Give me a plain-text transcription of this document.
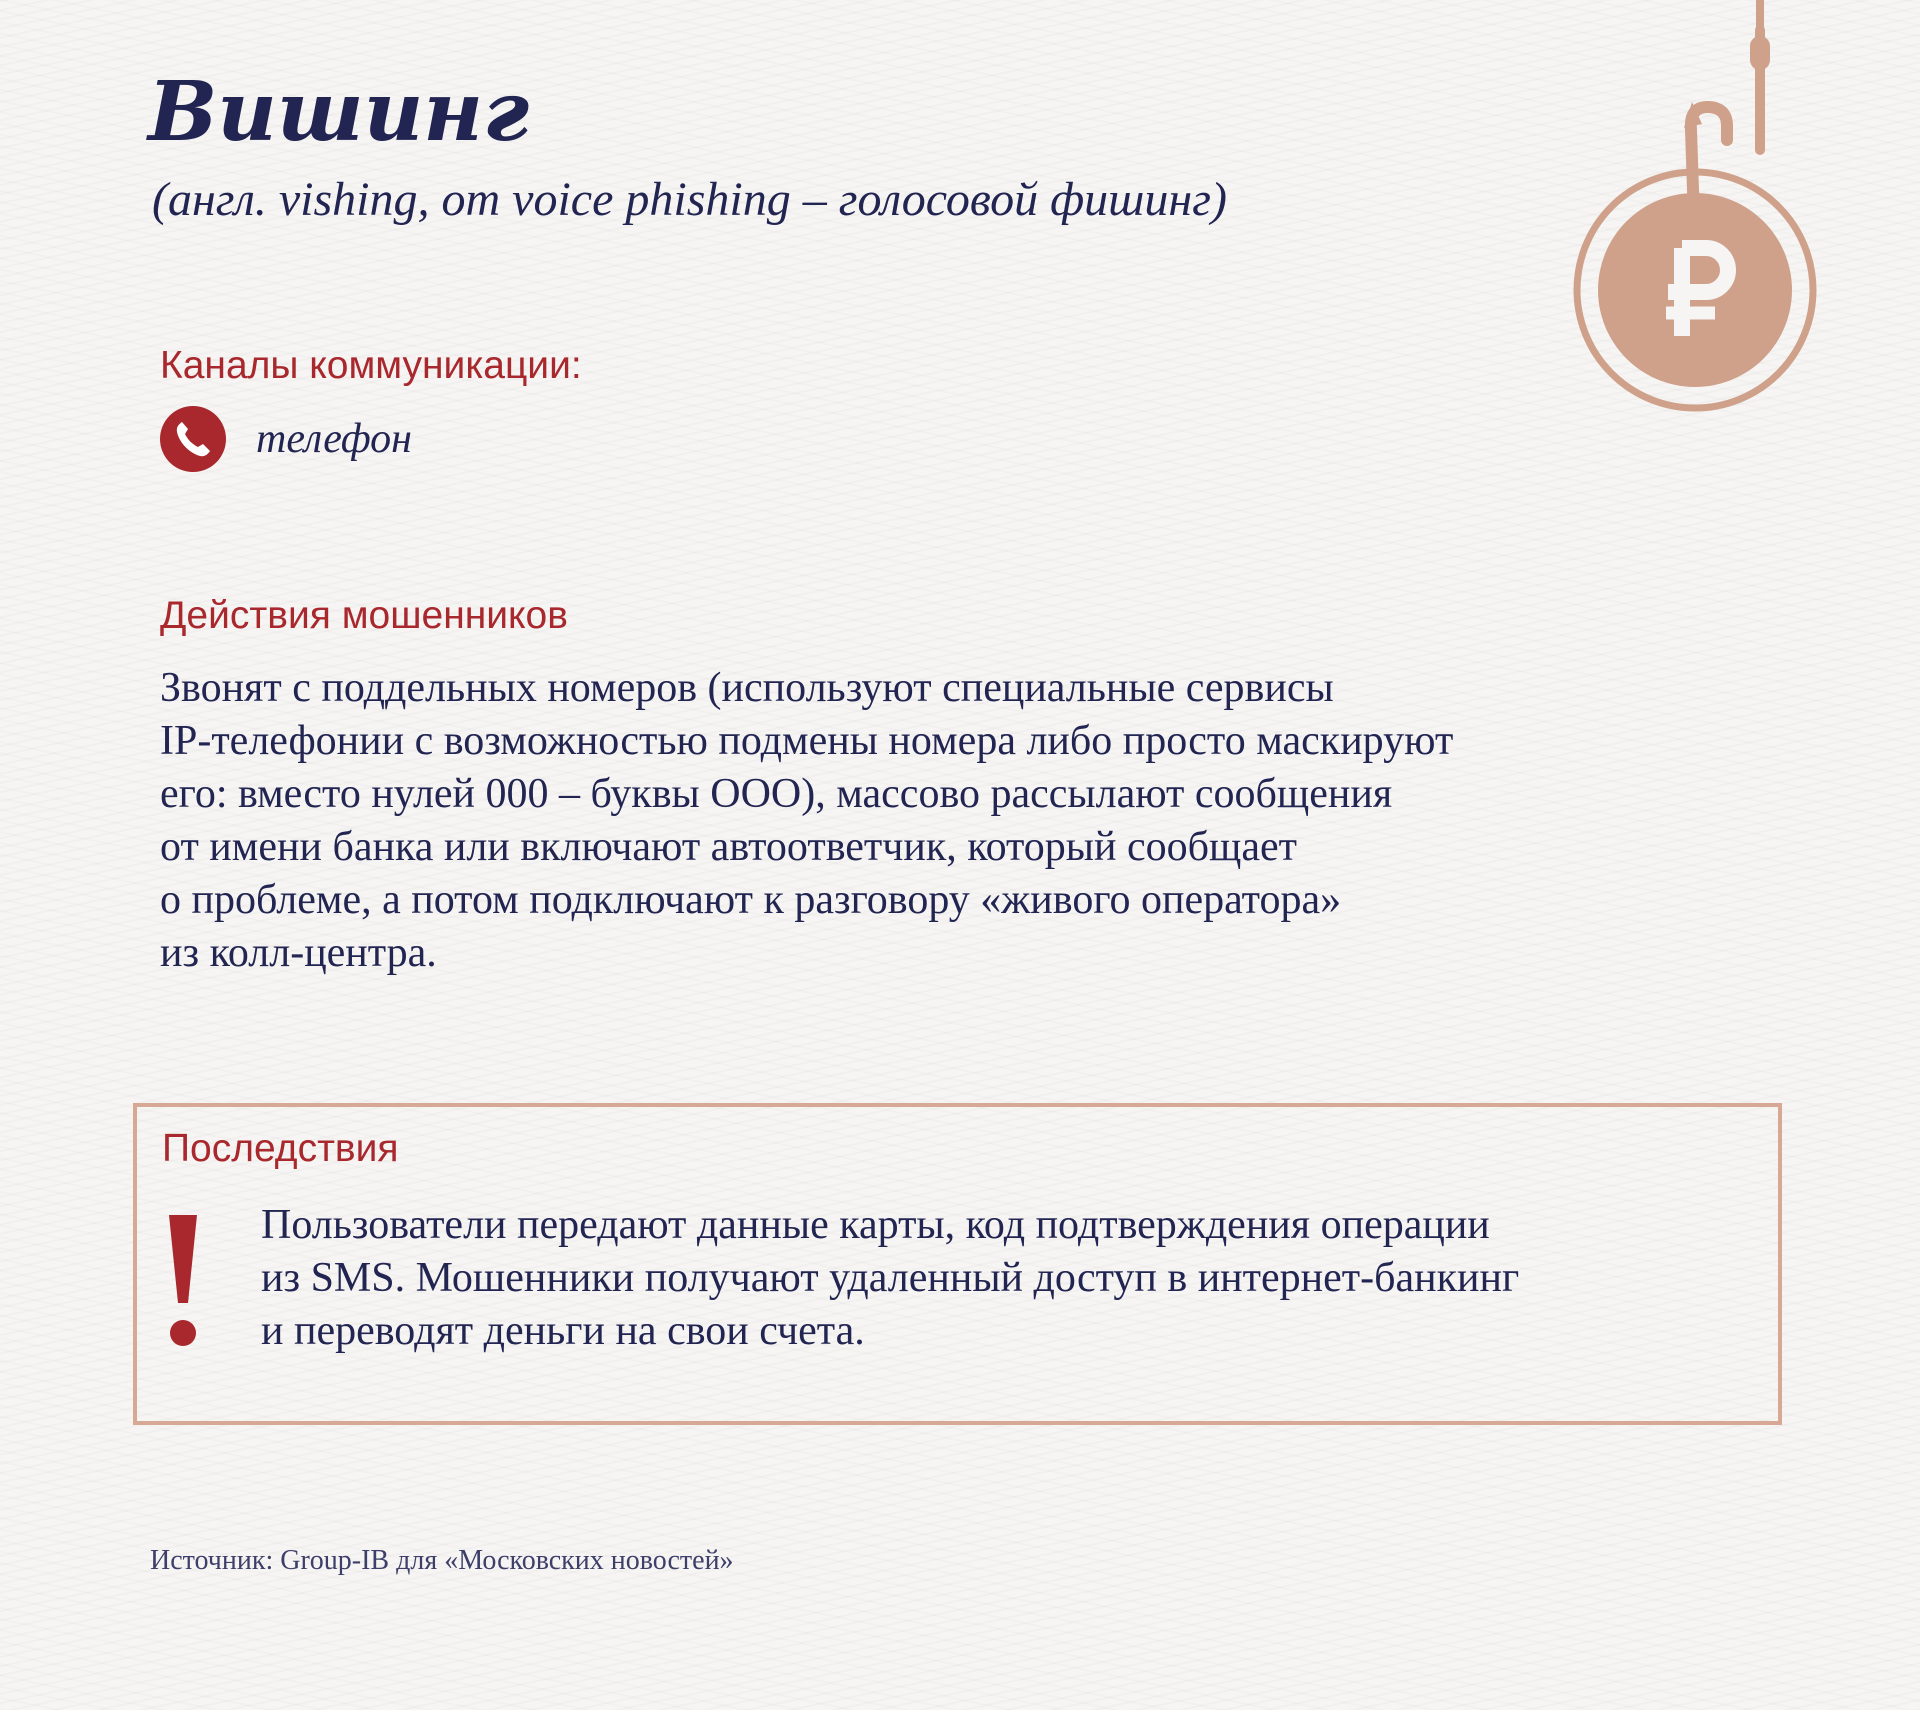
Вишинг
(англ. vishing, от voice phishing – голосовой фишинг)
Каналы коммуникации:
телефон
Действия мошенников
Звонят с поддельных номеров (используют специальные сервисы
IP-телефонии с возможностью подмены номера либо просто маскируют
его: вместо нулей 000 – буквы ООО), массово рассылают сообщения
от имени банка или включают автоответчик, который сообщает
о проблеме, а потом подключают к разговору «живого оператора»
из колл-центра.
Последствия
Пользователи передают данные карты, код подтверждения операции
из SMS. Мошенники получают удаленный доступ в интернет-банкинг
и переводят деньги на свои счета.
Источник: Group-IB для «Московских новостей»
